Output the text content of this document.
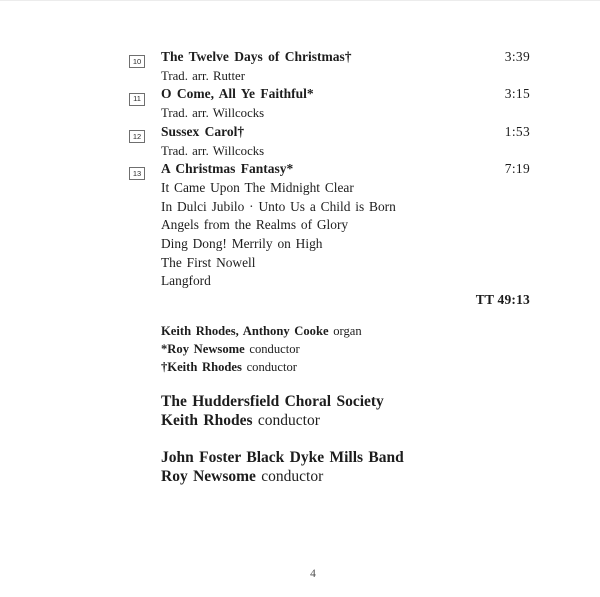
10	The Twelve Days of Christmas†	3:39
Trad. arr. Rutter
11	O Come, All Ye Faithful*	3:15
Trad. arr. Willcocks
12	Sussex Carol†	1:53
Trad. arr. Willcocks
13	A Christmas Fantasy*	7:19
It Came Upon The Midnight Clear
In Dulci Jubilo · Unto Us a Child is Born
Angels from the Realms of Glory
Ding Dong! Merrily on High
The First Nowell
Langford
TT 49:13
Keith Rhodes, Anthony Cooke organ
*Roy Newsome conductor
†Keith Rhodes conductor
The Huddersfield Choral Society
Keith Rhodes conductor
John Foster Black Dyke Mills Band
Roy Newsome conductor
4
